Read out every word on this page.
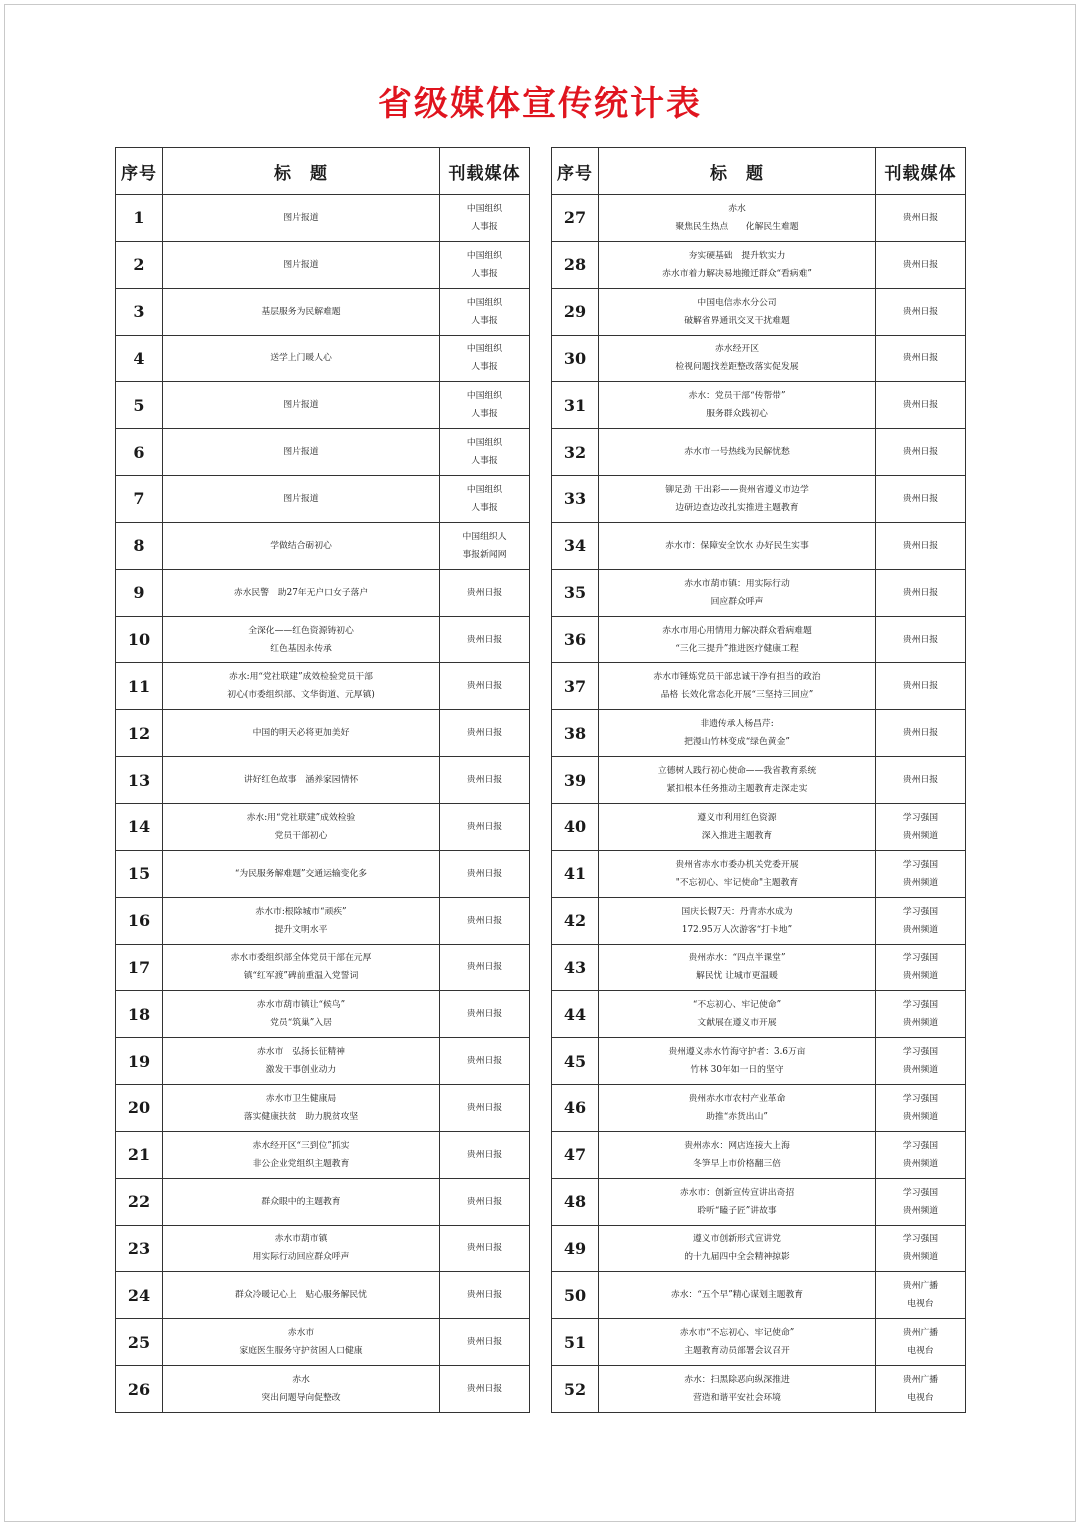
省级媒体宣传统计表
序号	标　题	刊载媒体
1	图片报道	中国组织
人事报

2	图片报道	中国组织
人事报

3	基层服务为民解难题	中国组织
人事报

4	送学上门暖人心	中国组织
人事报

5	图片报道	中国组织
人事报

6	图片报道	中国组织
人事报

7	图片报道	中国组织
人事报

8	学做结合砺初心	中国组织人
事报新闻网

9	赤水民警　助27年无户口女子落户	贵州日报

10	全深化——红色资源铸初心
红色基因永传承	贵州日报

11	赤水:用“党社联建”成效检验党员干部
初心(市委组织部、文华街道、元厚镇)	贵州日报

12	中国的明天必将更加美好	贵州日报

13	讲好红色故事　涵养家园情怀	贵州日报

14	赤水:用“党社联建”成效检验
党员干部初心	贵州日报

15	“为民服务解难题”交通运输变化多	贵州日报

16	赤水市:根除城市“顽疾”
提升文明水平	贵州日报

17	赤水市委组织部全体党员干部在元厚
镇“红军渡”碑前重温入党誓词	贵州日报

18	赤水市葫市镇让“候鸟”
党员“筑巢”入居	贵州日报

19	赤水市　弘扬长征精神
激发干事创业动力	贵州日报

20	赤水市卫生健康局
落实健康扶贫　助力脱贫攻坚	贵州日报

21	赤水经开区“三到位”抓实
非公企业党组织主题教育	贵州日报

22	群众眼中的主题教育	贵州日报

23	赤水市葫市镇
用实际行动回应群众呼声	贵州日报

24	群众冷暖记心上　贴心服务解民忧	贵州日报

25	赤水市
家庭医生服务守护贫困人口健康	贵州日报

26	赤水
突出问题导向促整改	贵州日报
序号	标　题	刊载媒体
27	赤水
聚焦民生热点　　化解民生难题	贵州日报

28	夯实硬基础　提升软实力
赤水市着力解决易地搬迁群众“看病难”	贵州日报

29	中国电信赤水分公司
破解省界通讯交叉干扰难题	贵州日报

30	赤水经开区
检视问题找差距整改落实促发展	贵州日报

31	赤水：党员干部“传帮带”
服务群众践初心	贵州日报

32	赤水市一号热线为民解忧愁	贵州日报

33	铆足劲 干出彩——贵州省遵义市边学
边研边查边改扎实推进主题教育	贵州日报

34	赤水市：保障安全饮水 办好民生实事	贵州日报

35	赤水市葫市镇：用实际行动
回应群众呼声	贵州日报

36	赤水市用心用情用力解决群众看病难题
“三化三提升”推进医疗健康工程	贵州日报

37	赤水市锤炼党员干部忠诚干净有担当的政治
品格 长效化常态化开展“三坚持三回应”	贵州日报

38	非遗传承人杨昌芹:
把漫山竹林变成“绿色黄金”	贵州日报

39	立德树人践行初心使命——我省教育系统
紧扣根本任务推动主题教育走深走实	贵州日报

40	遵义市利用红色资源
深入推进主题教育	学习强国
贵州频道

41	贵州省赤水市委办机关党委开展
"不忘初心、牢记使命"主题教育	学习强国
贵州频道

42	国庆长假7天：丹青赤水成为
172.95万人次游客“打卡地”	学习强国
贵州频道

43	贵州赤水：“四点半课堂”
解民忧 让城市更温暖	学习强国
贵州频道

44	“不忘初心、牢记使命”
文献展在遵义市开展	学习强国
贵州频道

45	贵州遵义赤水竹海守护者：3.6万亩
竹林 30年如一日的坚守	学习强国
贵州频道

46	贵州赤水市农村产业革命
助推“赤货出山”	学习强国
贵州频道

47	贵州赤水：网店连接大上海
冬笋早上市价格翻三倍	学习强国
贵州频道

48	赤水市：创新宣传宣讲出奇招
聆听“瞌子匠”讲故事	学习强国
贵州频道

49	遵义市创新形式宣讲党
的十九届四中全会精神掠影	学习强国
贵州频道

50	赤水：“五个早”精心谋划主题教育	贵州广播
电视台

51	赤水市“不忘初心、牢记使命”
主题教育动员部署会议召开	贵州广播
电视台

52	赤水：扫黑除恶向纵深推进
营造和谐平安社会环境	贵州广播
电视台
